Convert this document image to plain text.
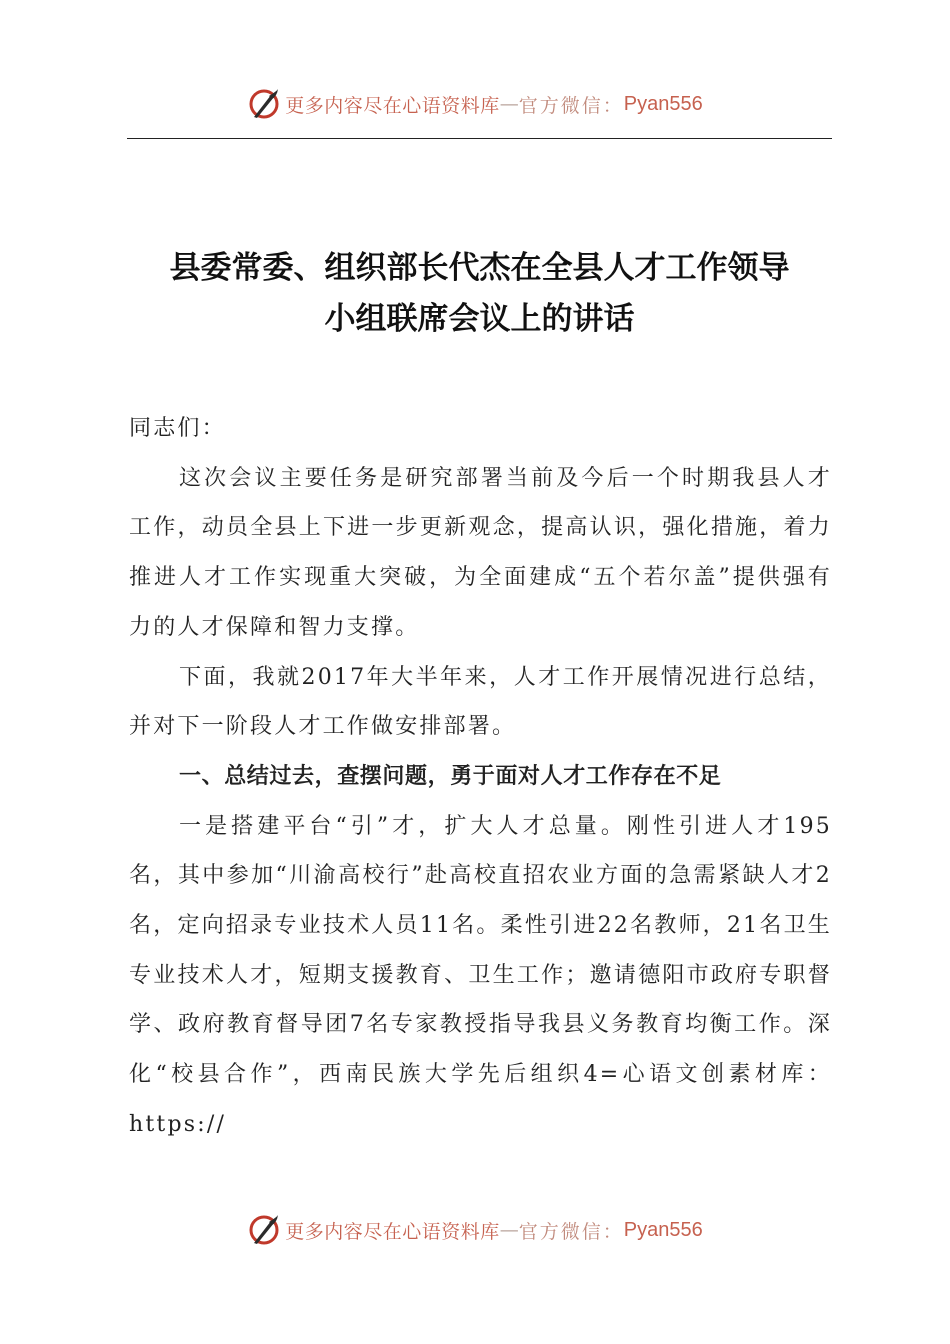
更多内容尽在心语资料库 — 官方微信： Pyan556
县委常委、组织部长代杰在全县人才工作领导
小组联席会议上的讲话

同志们：

这次会议主要任务是研究部署当前及今后一个时期我县人才工作，动员全县上下进一步更新观念，提高认识，强化措施，着力推进人才工作实现重大突破，为全面建成“五个若尔盖”提供强有力的人才保障和智力支撑。

下面，我就2017年大半年来，人才工作开展情况进行总结，并对下一阶段人才工作做安排部署。

一、总结过去，查摆问题，勇于面对人才工作存在不足

一是搭建平台“引”才，扩大人才总量。刚性引进人才195名，其中参加“川渝高校行”赴高校直招农业方面的急需紧缺人才2名，定向招录专业技术人员11名。柔性引进22名教师，21名卫生专业技术人才，短期支援教育、卫生工作；邀请德阳市政府专职督学、政府教育督导团7名专家教授指导我县义务教育均衡工作。深化“校县合作”，西南民族大学先后组织4=心语文创素材库：https://

更多内容尽在心语资料库 — 官方微信： Pyan556
